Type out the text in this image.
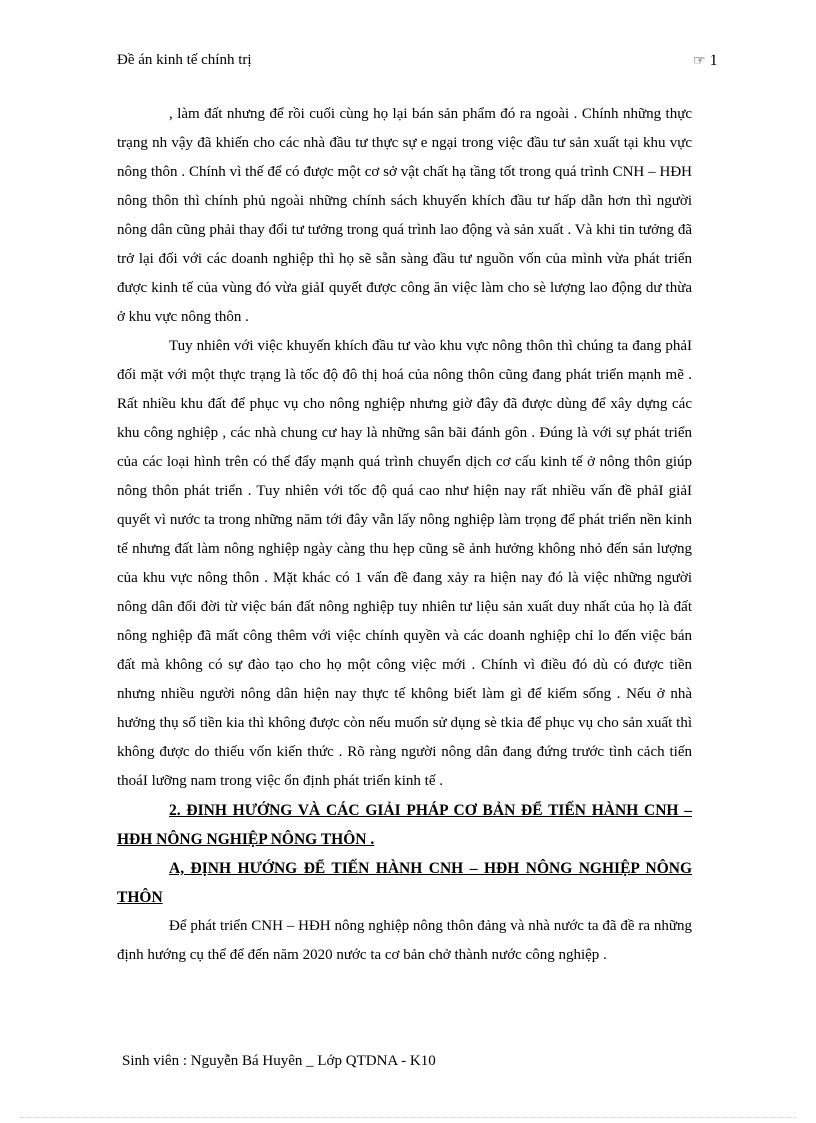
Đề án kinh tế chính trị	☞ 1

, làm đất nhưng để rồi cuối cùng họ lại bán sản phẩm đó ra ngoài . Chính những thực trạng nh vậy đã khiến cho các nhà đầu tư thực sự e ngại trong việc đầu tư sản xuất tại khu vực nông thôn . Chính vì thế để có được một cơ sở vật chất hạ tầng tốt trong quá trình CNH – HĐH nông thôn thì chính phủ ngoài những chính sách khuyến khích đầu tư hấp dẫn hơn thì người nông dân cũng phải thay đổi tư tưởng trong quá trình lao động và sản xuất . Và khi tin tưởng đã trở lại đối với các doanh nghiệp thì họ sẽ sẵn sàng đầu tư nguồn vốn của mình vừa phát triển được kinh tế của vùng đó vừa giảI quyết được công ăn việc làm cho sè lượng lao động dư thừa ở khu vực nông thôn .

Tuy nhiên với việc khuyến khích đầu tư vào khu vực nông thôn thì chúng ta đang phảI đối mặt với một thực trạng là tốc độ đô thị hoá của nông thôn cũng đang phát triển mạnh mẽ . Rất nhiều khu đất để phục vụ cho nông nghiệp nhưng giờ đây đã được dùng để xây dựng các khu công nghiệp , các nhà chung cư hay là những sân bãi đánh gôn . Đúng là với sự phát triển của các loại hình trên có thể đẩy mạnh quá trình chuyển dịch cơ cấu kinh tế ở nông thôn giúp nông thôn phát triển . Tuy nhiên với tốc độ quá cao như hiện nay rất nhiều vấn đề phảI giảI quyết vì nước ta trong những năm tới đây vẫn lấy nông nghiệp làm trọng để phát triển nền kinh tế nhưng đất làm nông nghiệp ngày càng thu hẹp cũng sẽ ảnh hưởng không nhỏ đến sản lượng của khu vực nông thôn . Mặt khác có 1 vấn đề đang xảy ra hiện nay đó là việc những người nông dân đổi đời từ việc bán đất nông nghiệp tuy nhiên tư liệu sản xuất duy nhất của họ là đất nông nghiệp đã mất công thêm với việc chính quyền và các doanh nghiệp chỉ lo đến việc bán đất mà không có sự đào tạo cho họ một công việc mới . Chính vì điều đó dù có được tiền nhưng nhiều người nông dân hiện nay thực tế không biết làm gì để kiếm sống . Nếu ở nhà hưởng thụ số tiền kia thì không được còn nếu muốn sử dụng sè tkia để phục vụ cho sản xuất thì không được do thiếu vốn kiến thức . Rõ ràng người nông dân đang đứng trước tình cảch tiến thoáI lưỡng nam trong việc ổn định phát triển kinh tế .

2. ĐINH HƯỚNG VÀ CÁC GIẢI PHÁP CƠ BẢN ĐỂ TIẾN HÀNH CNH – HĐH NÔNG NGHIỆP NÔNG THÔN .

A, ĐỊNH HƯỚNG ĐỂ TIẾN HÀNH CNH – HĐH NÔNG NGHIỆP NÔNG THÔN

Để phát triển CNH – HĐH nông nghiệp nông thôn đảng và nhà nước ta đã đề ra những định hướng cụ thể để đến năm 2020 nước ta cơ bản chở thành nước công nghiệp .

Sinh viên : Nguyễn Bá Huyên _ Lớp QTDNA - K10
